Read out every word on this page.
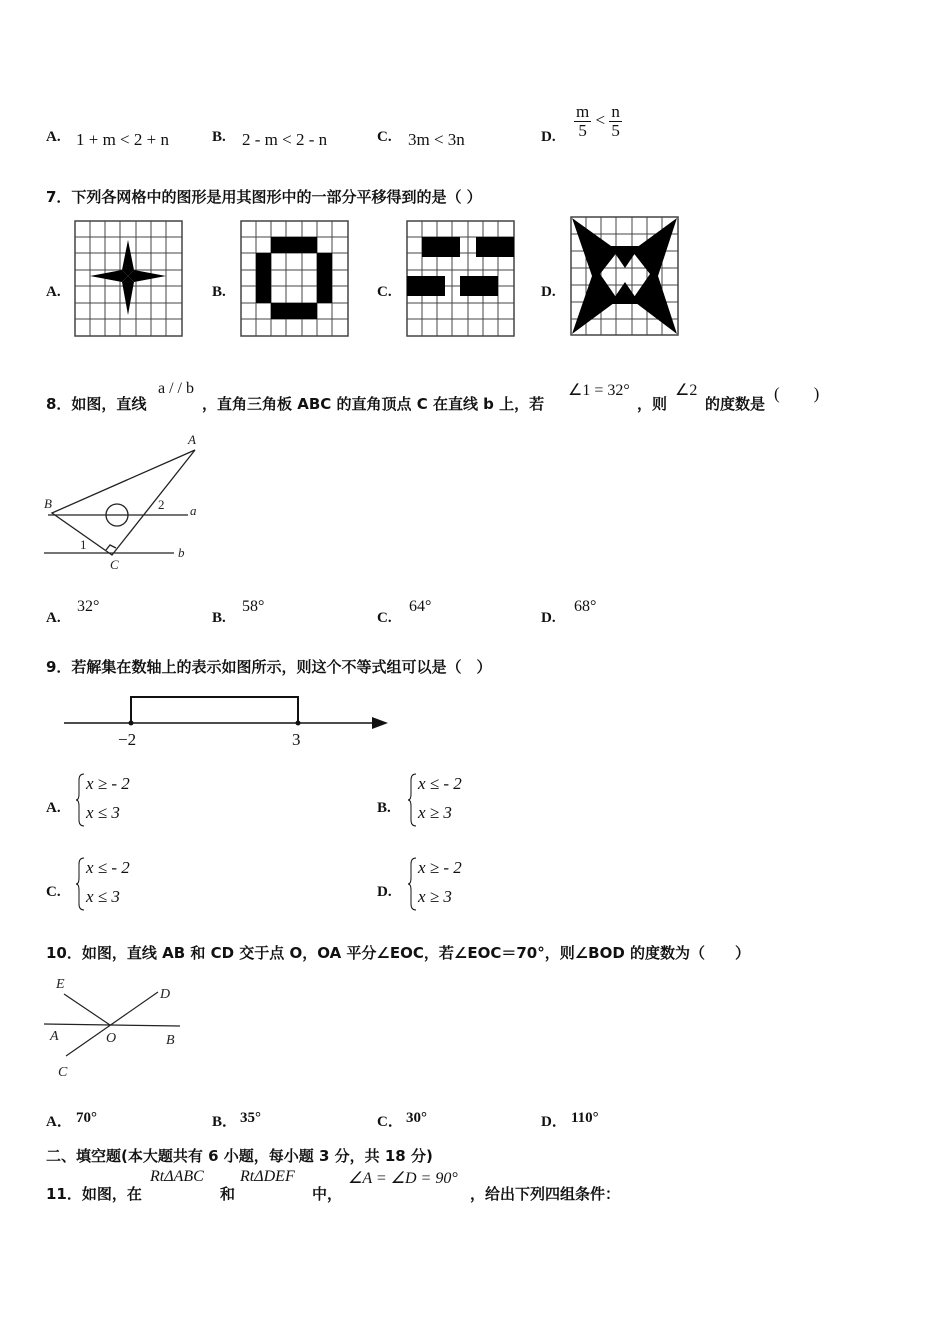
A. 1 + m < 2 + n	B. 2 - m < 2 - n	C. 3m < 3n	D. $\frac{m}{5} < \frac{n}{5}$
7．下列各网格中的图形是用其图形中的一部分平移得到的是（ ）
A.	B.	C.	D.
8．如图，直线
a / / b
，直角三角板 ABC 的直角顶点 C 在直线 b 上，若
∠1 = 32°
，则
∠2
的度数是
(　　)
A
B
C
a
b
1
2
A.
32°
B.
58°
C.
64°
D.
68°
9．若解集在数轴上的表示如图所示，则这个不等式组可以是（　）
−2	3
A.
x ≥ - 2
x ≤ 3	B.
x ≤ - 2
x ≥ 3
C.
x ≤ - 2
x ≤ 3	D.
x ≥ - 2
x ≥ 3
10．如图，直线 AB 和 CD 交于点 O，OA 平分∠EOC，若∠EOC＝70°，则∠BOD 的度数为（　　）
E
D
A	O	B
C
A． 70°	B． 35°	C． 30°	D． 110°
二、填空题(本大题共有 6 小题，每小题 3 分，共 18 分)
11．如图，在
RtΔABC
和
RtΔDEF
中，
∠A = ∠D = 90°
，给出下列四组条件：
